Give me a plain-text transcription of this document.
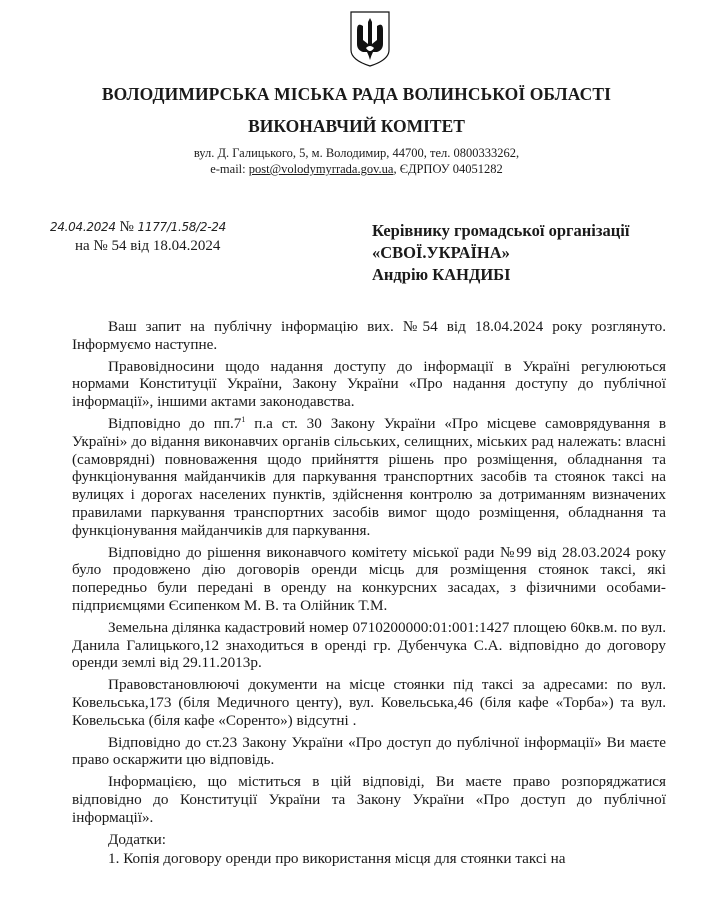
ВОЛОДИМИРСЬКА МІСЬКА РАДА ВОЛИНСЬКОЇ ОБЛАСТІ
ВИКОНАВЧИЙ КОМІТЕТ
вул. Д. Галицького, 5, м. Володимир, 44700, тел. 0800333262,
e-mail: post@volodymyrrada.gov.ua, ЄДРПОУ 04051282
24.04.2024 № 1177/1.58/2-24
на № 54 від 18.04.2024
Керівнику громадської організації
«СВОЇ.УКРАЇНА»
Андрію КАНДИБІ

Ваш запит на публічну інформацію вих. №54 від 18.04.2024 року розглянуто. Інформуємо наступне.

Правовідносини щодо надання доступу до інформації в Україні регулюються нормами Конституції України, Закону України «Про надання доступу до публічної інформації», іншими актами законодавства.

Відповідно до $пп.7^1$ п.а ст. 30 Закону України «Про місцеве самоврядування в Україні» до відання виконавчих органів сільських, селищних, міських рад належать: власні (самоврядні) повноваження щодо прийняття рішень про розміщення, обладнання та функціонування майданчиків для паркування транспортних засобів та стоянок таксі на вулицях і дорогах населених пунктів, здійснення контролю за дотриманням визначених правилами паркування транспортних засобів вимог щодо розміщення, обладнання та функціонування майданчиків для паркування.

Відповідно до рішення виконавчого комітету міської ради №99 від 28.03.2024 року було продовжено дію договорів оренди місць для розміщення стоянок таксі, які попередньо були передані в оренду на конкурсних засадах, з фізичними особами-підприємцями Єсипенком М. В. та Олійник Т.М.

Земельна ділянка кадастровий номер 0710200000:01:001:1427 площею 60кв.м. по вул. Данила Галицького,12 знаходиться в оренді гр. Дубенчука С.А. відповідно до договору оренди землі від 29.11.2013р.

Правовстановлюючі документи на місце стоянки під таксі за адресами: по вул. Ковельська,173 (біля Медичного центу), вул. Ковельська,46 (біля кафе «Торба») та вул. Ковельська (біля кафе «Соренто») відсутні .

Відповідно до ст.23 Закону України «Про доступ до публічної інформації» Ви маєте право оскаржити цю відповідь.

Інформацією, що міститься в цій відповіді, Ви маєте право розпоряджатися відповідно до Конституції України та Закону України «Про доступ до публічної інформації».

Додатки:

1. Копія договору оренди про використання місця для стоянки таксі на
